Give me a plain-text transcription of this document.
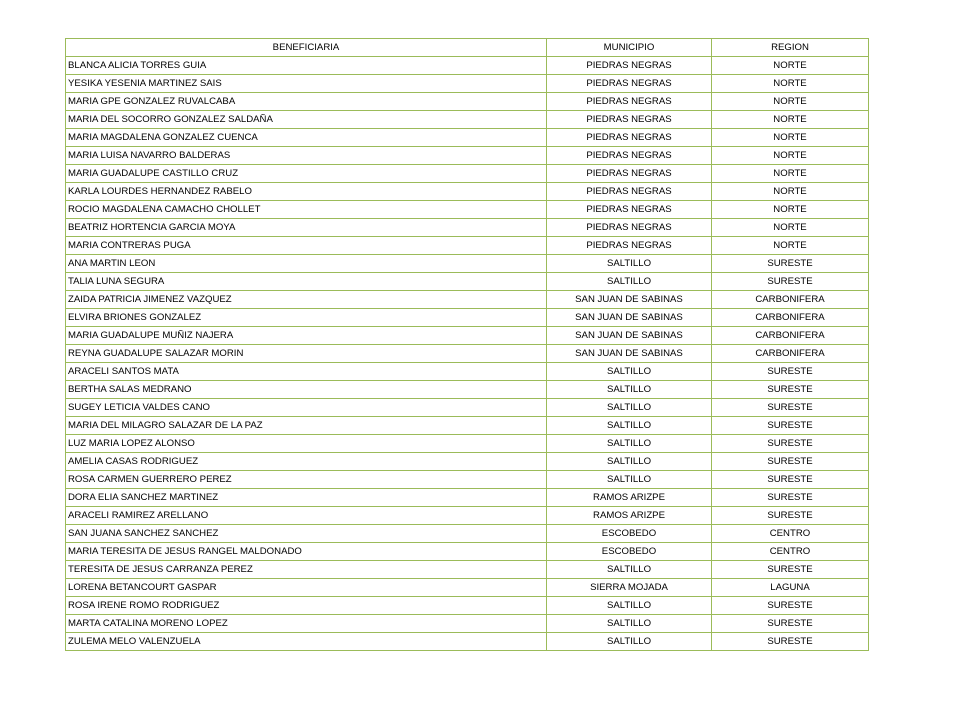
BENEFICIARIA	MUNICIPIO	REGION
BLANCA ALICIA TORRES GUIA	PIEDRAS NEGRAS	NORTE
YESIKA YESENIA MARTINEZ SAIS	PIEDRAS NEGRAS	NORTE
MARIA GPE GONZALEZ RUVALCABA	PIEDRAS NEGRAS	NORTE
MARIA DEL SOCORRO GONZALEZ SALDAÑA	PIEDRAS NEGRAS	NORTE
MARIA MAGDALENA GONZALEZ CUENCA	PIEDRAS NEGRAS	NORTE
MARIA LUISA NAVARRO BALDERAS	PIEDRAS NEGRAS	NORTE
MARIA GUADALUPE CASTILLO CRUZ	PIEDRAS NEGRAS	NORTE
KARLA LOURDES HERNANDEZ RABELO	PIEDRAS NEGRAS	NORTE
ROCIO MAGDALENA CAMACHO CHOLLET	PIEDRAS NEGRAS	NORTE
BEATRIZ HORTENCIA GARCIA MOYA	PIEDRAS NEGRAS	NORTE
MARIA CONTRERAS PUGA	PIEDRAS NEGRAS	NORTE
ANA MARTIN LEON	SALTILLO	SURESTE
TALIA LUNA SEGURA	SALTILLO	SURESTE
ZAIDA PATRICIA JIMENEZ VAZQUEZ	SAN JUAN DE SABINAS	CARBONIFERA
ELVIRA BRIONES GONZALEZ	SAN JUAN DE SABINAS	CARBONIFERA
MARIA GUADALUPE MUÑIZ NAJERA	SAN JUAN DE SABINAS	CARBONIFERA
REYNA GUADALUPE SALAZAR MORIN	SAN JUAN DE SABINAS	CARBONIFERA
ARACELI SANTOS MATA	SALTILLO	SURESTE
BERTHA SALAS MEDRANO	SALTILLO	SURESTE
SUGEY LETICIA VALDES CANO	SALTILLO	SURESTE
MARIA DEL MILAGRO SALAZAR DE LA PAZ	SALTILLO	SURESTE
LUZ MARIA LOPEZ ALONSO	SALTILLO	SURESTE
AMELIA CASAS RODRIGUEZ	SALTILLO	SURESTE
ROSA CARMEN GUERRERO PEREZ	SALTILLO	SURESTE
DORA ELIA SANCHEZ MARTINEZ	RAMOS ARIZPE	SURESTE
ARACELI RAMIREZ ARELLANO	RAMOS ARIZPE	SURESTE
SAN JUANA SANCHEZ SANCHEZ	ESCOBEDO	CENTRO
MARIA TERESITA DE JESUS RANGEL MALDONADO	ESCOBEDO	CENTRO
TERESITA DE JESUS CARRANZA PEREZ	SALTILLO	SURESTE
LORENA BETANCOURT GASPAR	SIERRA MOJADA	LAGUNA
ROSA IRENE ROMO RODRIGUEZ	SALTILLO	SURESTE
MARTA CATALINA MORENO LOPEZ	SALTILLO	SURESTE
ZULEMA MELO VALENZUELA	SALTILLO	SURESTE
